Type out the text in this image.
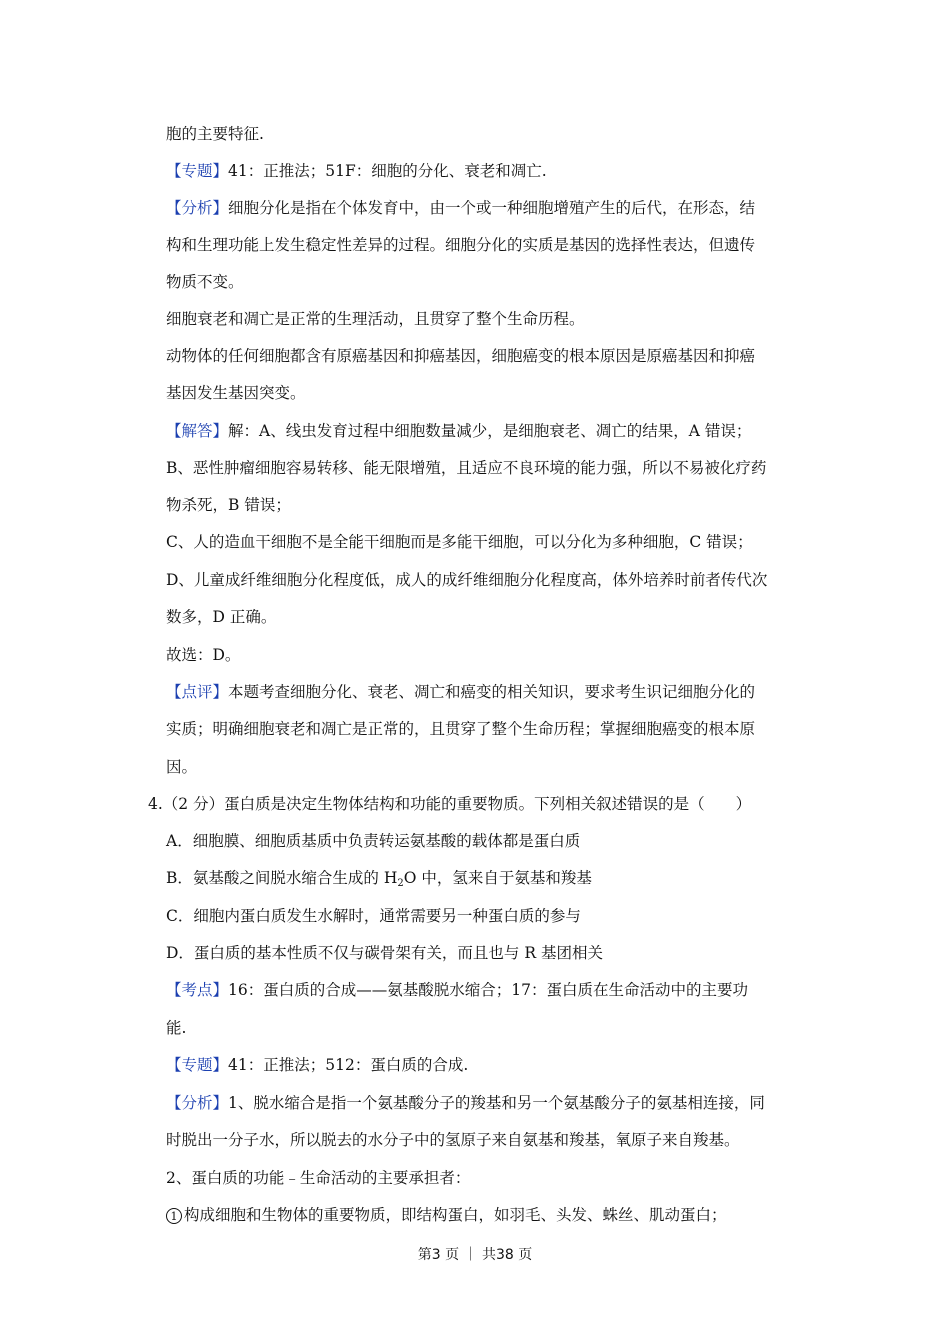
胞的主要特征.
【专题】41：正推法；51F：细胞的分化、衰老和凋亡.
【分析】细胞分化是指在个体发育中，由一个或一种细胞增殖产生的后代，在形态，结
构和生理功能上发生稳定性差异的过程。细胞分化的实质是基因的选择性表达，但遗传
物质不变。
细胞衰老和凋亡是正常的生理活动，且贯穿了整个生命历程。
动物体的任何细胞都含有原癌基因和抑癌基因，细胞癌变的根本原因是原癌基因和抑癌
基因发生基因突变。
【解答】解：A、线虫发育过程中细胞数量减少，是细胞衰老、凋亡的结果，A 错误；
B、恶性肿瘤细胞容易转移、能无限增殖，且适应不良环境的能力强，所以不易被化疗药
物杀死，B 错误；
C、人的造血干细胞不是全能干细胞而是多能干细胞，可以分化为多种细胞，C 错误；
D、儿童成纤维细胞分化程度低，成人的成纤维细胞分化程度高，体外培养时前者传代次
数多，D 正确。
故选：D。
【点评】本题考查细胞分化、衰老、凋亡和癌变的相关知识，要求考生识记细胞分化的
实质；明确细胞衰老和凋亡是正常的，且贯穿了整个生命历程；掌握细胞癌变的根本原
因。
4.（2 分）蛋白质是决定生物体结构和功能的重要物质。下列相关叙述错误的是（　　）
A．细胞膜、细胞质基质中负责转运氨基酸的载体都是蛋白质
B．氨基酸之间脱水缩合生成的 $H_2O$ 中，氢来自于氨基和羧基
C．细胞内蛋白质发生水解时，通常需要另一种蛋白质的参与
D．蛋白质的基本性质不仅与碳骨架有关，而且也与 R 基团相关
【考点】16：蛋白质的合成——氨基酸脱水缩合；17：蛋白质在生命活动中的主要功
能.
【专题】41：正推法；512：蛋白质的合成.
【分析】1、脱水缩合是指一个氨基酸分子的羧基和另一个氨基酸分子的氨基相连接，同
时脱出一分子水，所以脱去的水分子中的氢原子来自氨基和羧基，氧原子来自羧基。
2、蛋白质的功能﹣生命活动的主要承担者：
1 构成细胞和生物体的重要物质，即结构蛋白，如羽毛、头发、蛛丝、肌动蛋白；
第3 页 ｜ 共38 页
